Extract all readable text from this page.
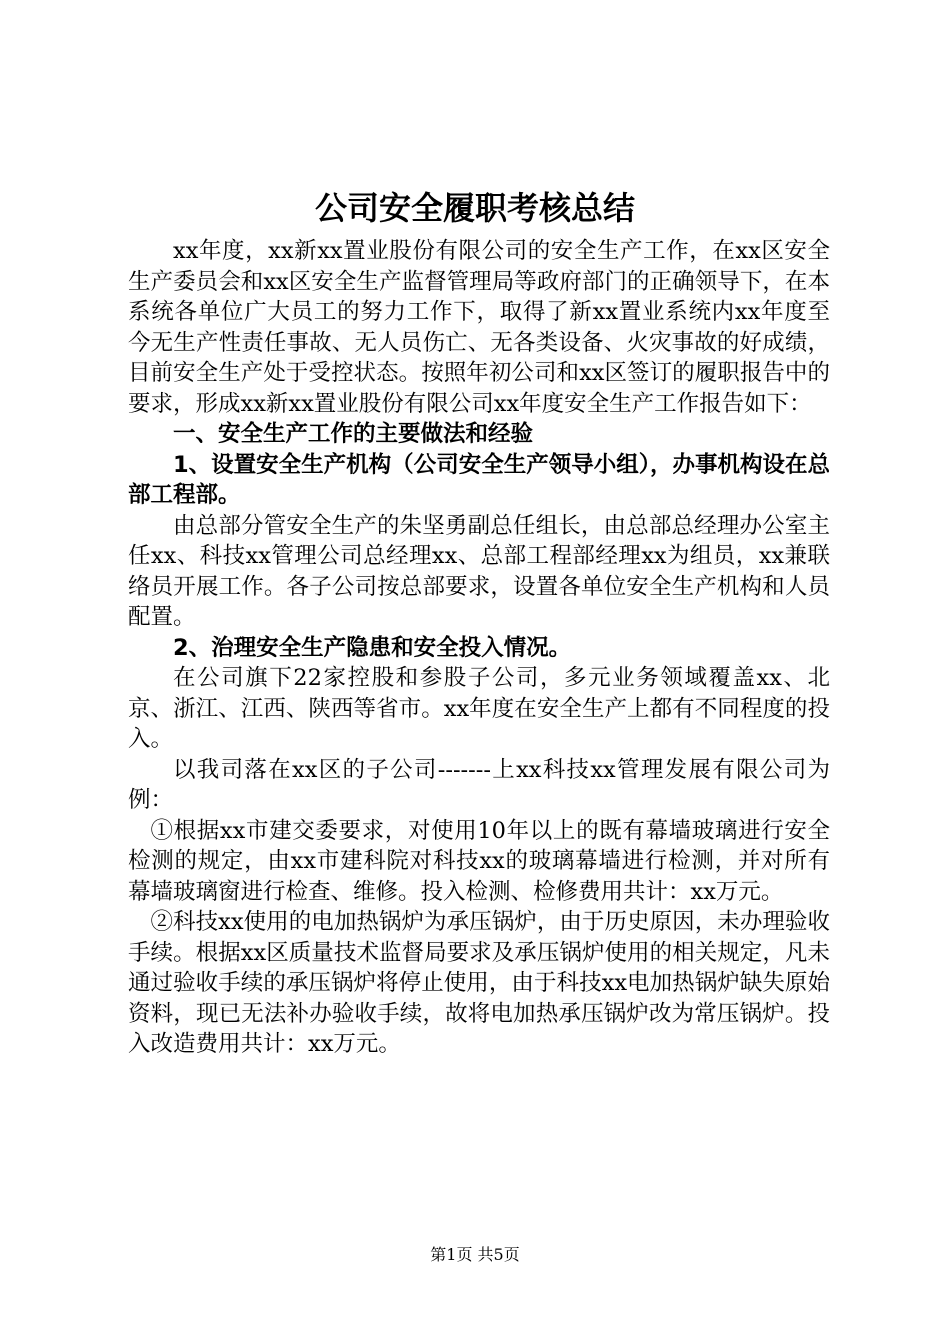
公司安全履职考核总结

xx年度，xx新xx置业股份有限公司的安全生产工作，在xx区安全生产委员会和xx区安全生产监督管理局等政府部门的正确领导下，在本系统各单位广大员工的努力工作下，取得了新xx置业系统内xx年度至今无生产性责任事故、无人员伤亡、无各类设备、火灾事故的好成绩，目前安全生产处于受控状态。按照年初公司和xx区签订的履职报告中的要求，形成xx新xx置业股份有限公司xx年度安全生产工作报告如下：

一、安全生产工作的主要做法和经验

1、设置安全生产机构（公司安全生产领导小组），办事机构设在总部工程部。

由总部分管安全生产的朱坚勇副总任组长，由总部总经理办公室主任xx、科技xx管理公司总经理xx、总部工程部经理xx为组员，xx兼联络员开展工作。各子公司按总部要求，设置各单位安全生产机构和人员配置。

2、治理安全生产隐患和安全投入情况。

在公司旗下22家控股和参股子公司，多元业务领域覆盖xx、北京、浙江、江西、陕西等省市。xx年度在安全生产上都有不同程度的投入。

以我司落在xx区的子公司-------上xx科技xx管理发展有限公司为例：

①根据xx市建交委要求，对使用10年以上的既有幕墙玻璃进行安全检测的规定，由xx市建科院对科技xx的玻璃幕墙进行检测，并对所有幕墙玻璃窗进行检查、维修。投入检测、检修费用共计：xx万元。

②科技xx使用的电加热锅炉为承压锅炉，由于历史原因，未办理验收手续。根据xx区质量技术监督局要求及承压锅炉使用的相关规定，凡未通过验收手续的承压锅炉将停止使用，由于科技xx电加热锅炉缺失原始资料，现已无法补办验收手续，故将电加热承压锅炉改为常压锅炉。投入改造费用共计：xx万元。

第1页 共5页
